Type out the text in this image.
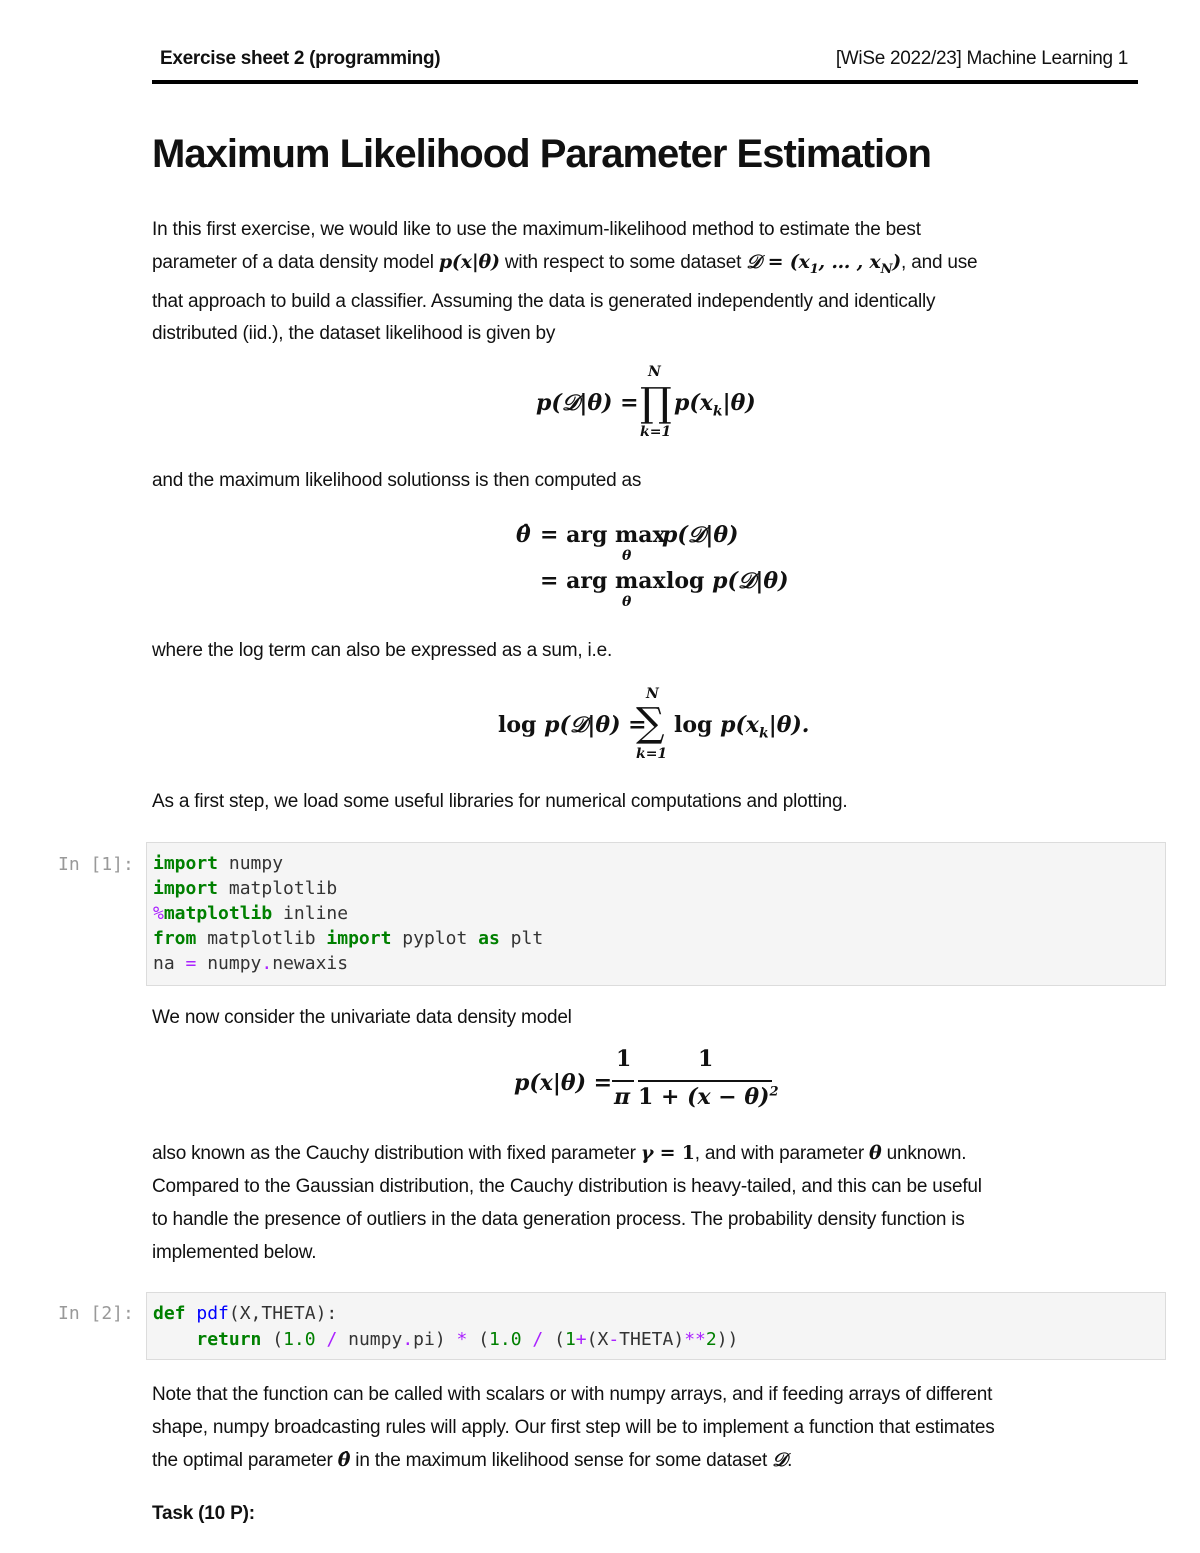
Exercise sheet 2 (programming)	[WiSe 2022/23] Machine Learning 1
Maximum Likelihood Parameter Estimation
In this first exercise, we would like to use the maximum-likelihood method to estimate the best
parameter of a data density model p(x|θ) with respect to some dataset 𝒟 = ($x_1$, … , $x_N$), and use
that approach to build a classifier. Assuming the data is generated independently and identically
distributed (iid.), the dataset likelihood is given by
p(𝒟|θ) = ∏
N
k=1
$p(x_k|\theta)$
and the maximum likelihood solutionss is then computed as
θ̂ = arg max
θ
p(𝒟|θ)
= arg max
θ
log p(𝒟|θ)
where the log term can also be expressed as a sum, i.e.
log p(𝒟|θ) =
∑
N
k=1
$\log p(x_k|\theta)$.
As a first step, we load some useful libraries for numerical computations and plotting.
In [1]: import numpy
import matplotlib
%matplotlib inline
from matplotlib import pyplot as plt
na = numpy.newaxis
We now consider the univariate data density model
p(x|θ) =
1
π
1
$1 + (x - \theta)^2$
also known as the Cauchy distribution with fixed parameter γ = 1, and with parameter θ unknown.
Compared to the Gaussian distribution, the Cauchy distribution is heavy-tailed, and this can be useful
to handle the presence of outliers in the data generation process. The probability density function is
implemented below.
In [2]: def pdf(X,THETA):
return (1.0 / numpy.pi) * (1.0 / (1+(X-THETA)**2))
Note that the function can be called with scalars or with numpy arrays, and if feeding arrays of different
shape, numpy broadcasting rules will apply. Our first step will be to implement a function that estimates
the optimal parameter θ̂ in the maximum likelihood sense for some dataset 𝒟.
Task (10 P):
